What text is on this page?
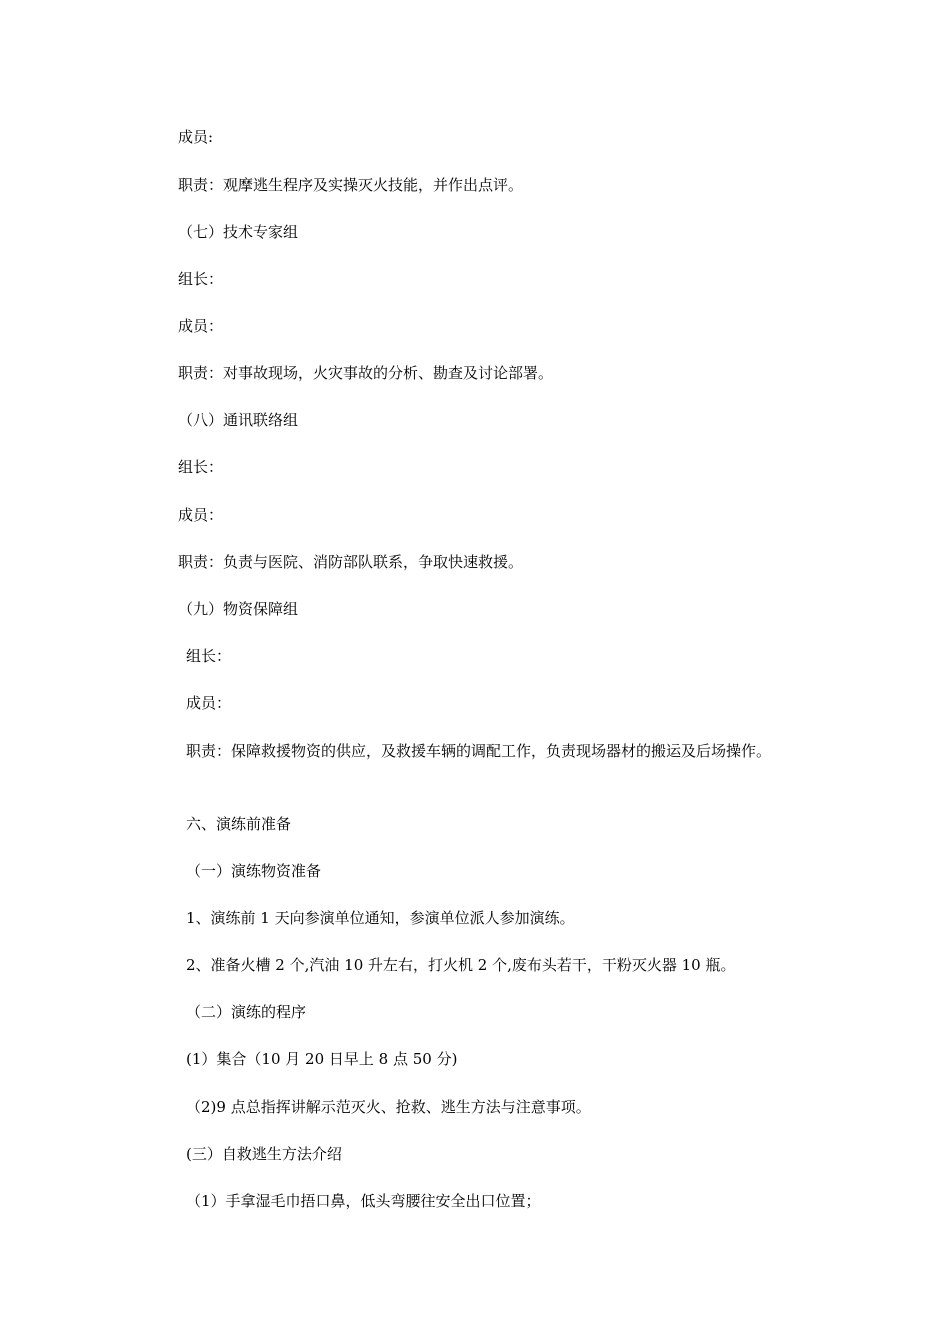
成员:
职责：观摩逃生程序及实操灭火技能，并作出点评。
（七）技术专家组
组长：
成员：
职责：对事故现场，火灾事故的分析、勘查及讨论部署。
（八）通讯联络组
组长：
成员：
职责：负责与医院、消防部队联系，争取快速救援。
（九）物资保障组
组长：
成员：
职责：保障救援物资的供应，及救援车辆的调配工作，负责现场器材的搬运及后场操作。
六、演练前准备
（一）演练物资准备
1、演练前 1 天向参演单位通知，参演单位派人参加演练。
2、准备火槽 2 个,汽油 10 升左右，打火机 2 个,废布头若干，干粉灭火器 10 瓶。
（二）演练的程序
(1）集合（10 月 20 日早上 8 点 50 分)
（2)9 点总指挥讲解示范灭火、抢救、逃生方法与注意事项。
(三）自救逃生方法介绍
（1）手拿湿毛巾捂口鼻，低头弯腰往安全出口位置；
